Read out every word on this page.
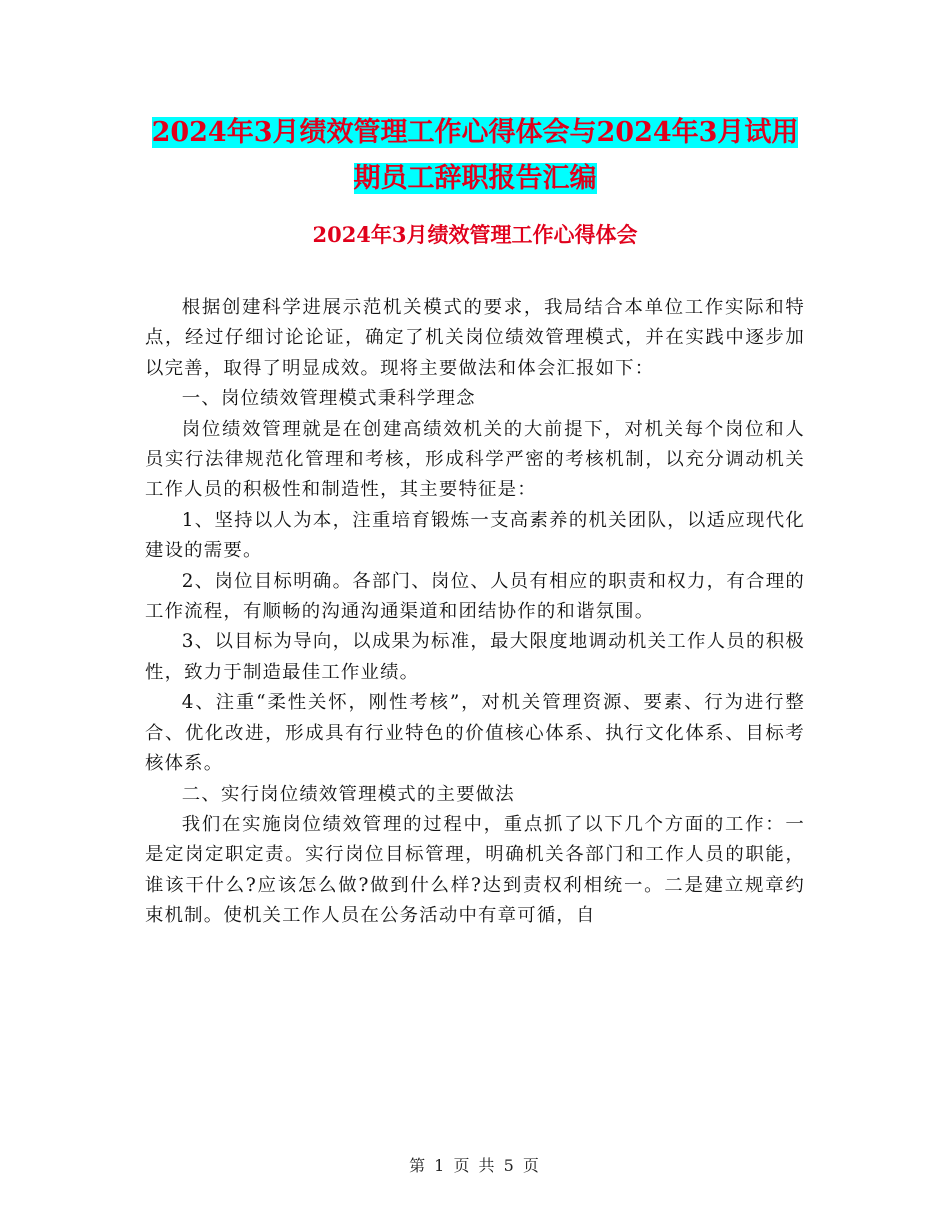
2024年3月绩效管理工作心得体会与2024年3月试用
期员工辞职报告汇编
2024年3月绩效管理工作心得体会

根据创建科学进展示范机关模式的要求，我局结合本单位工作实际和特点，经过仔细讨论论证，确定了机关岗位绩效管理模式，并在实践中逐步加以完善，取得了明显成效。现将主要做法和体会汇报如下：

一、岗位绩效管理模式秉科学理念

岗位绩效管理就是在创建高绩效机关的大前提下，对机关每个岗位和人员实行法律规范化管理和考核，形成科学严密的考核机制，以充分调动机关工作人员的积极性和制造性，其主要特征是：

1、坚持以人为本，注重培育锻炼一支高素养的机关团队，以适应现代化建设的需要。

2、岗位目标明确。各部门、岗位、人员有相应的职责和权力，有合理的工作流程，有顺畅的沟通沟通渠道和团结协作的和谐氛围。

3、以目标为导向，以成果为标准，最大限度地调动机关工作人员的积极性，致力于制造最佳工作业绩。

4、注重“柔性关怀，刚性考核”，对机关管理资源、要素、行为进行整合、优化改进，形成具有行业特色的价值核心体系、执行文化体系、目标考核体系。

二、实行岗位绩效管理模式的主要做法

我们在实施岗位绩效管理的过程中，重点抓了以下几个方面的工作：一是定岗定职定责。实行岗位目标管理，明确机关各部门和工作人员的职能，谁该干什么?应该怎么做?做到什么样?达到责权利相统一。二是建立规章约束机制。使机关工作人员在公务活动中有章可循，自

第 1 页 共 5 页
